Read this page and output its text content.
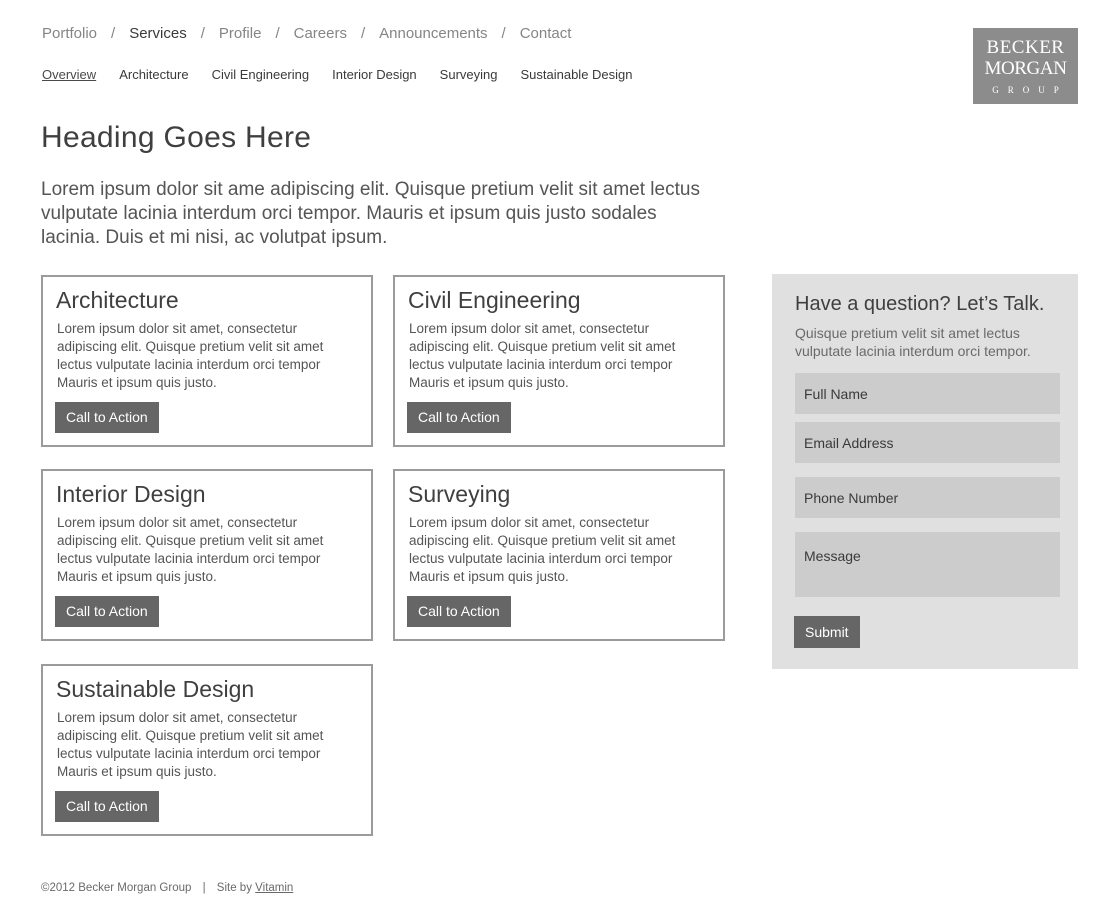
Portfolio / Services / Profile / Careers / Announcements / Contact
Overview Architecture Civil Engineering Interior Design Surveying Sustainable Design
BECKER
MORGAN
GROUP
Heading Goes Here

Lorem ipsum dolor sit ame adipiscing elit. Quisque pretium velit sit amet lectus vulputate lacinia interdum orci tempor. Mauris et ipsum quis justo sodales lacinia. Duis et mi nisi, ac volutpat ipsum.

Architecture

Lorem ipsum dolor sit amet, consectetur adipiscing elit. Quisque pretium velit sit amet lectus vulputate lacinia interdum orci tempor Mauris et ipsum quis justo.

Call to Action
Civil Engineering

Lorem ipsum dolor sit amet, consectetur adipiscing elit. Quisque pretium velit sit amet lectus vulputate lacinia interdum orci tempor Mauris et ipsum quis justo.

Call to Action
Interior Design

Lorem ipsum dolor sit amet, consectetur adipiscing elit. Quisque pretium velit sit amet lectus vulputate lacinia interdum orci tempor Mauris et ipsum quis justo.

Call to Action
Surveying

Lorem ipsum dolor sit amet, consectetur adipiscing elit. Quisque pretium velit sit amet lectus vulputate lacinia interdum orci tempor Mauris et ipsum quis justo.

Call to Action
Sustainable Design

Lorem ipsum dolor sit amet, consectetur adipiscing elit. Quisque pretium velit sit amet lectus vulputate lacinia interdum orci tempor Mauris et ipsum quis justo.

Call to Action
Have a question? Let’s Talk.

Quisque pretium velit sit amet lectus vulputate lacinia interdum orci tempor.

Full Name
Email Address
Phone Number
Message
Submit
©2012 Becker Morgan Group | Site by Vitamin
